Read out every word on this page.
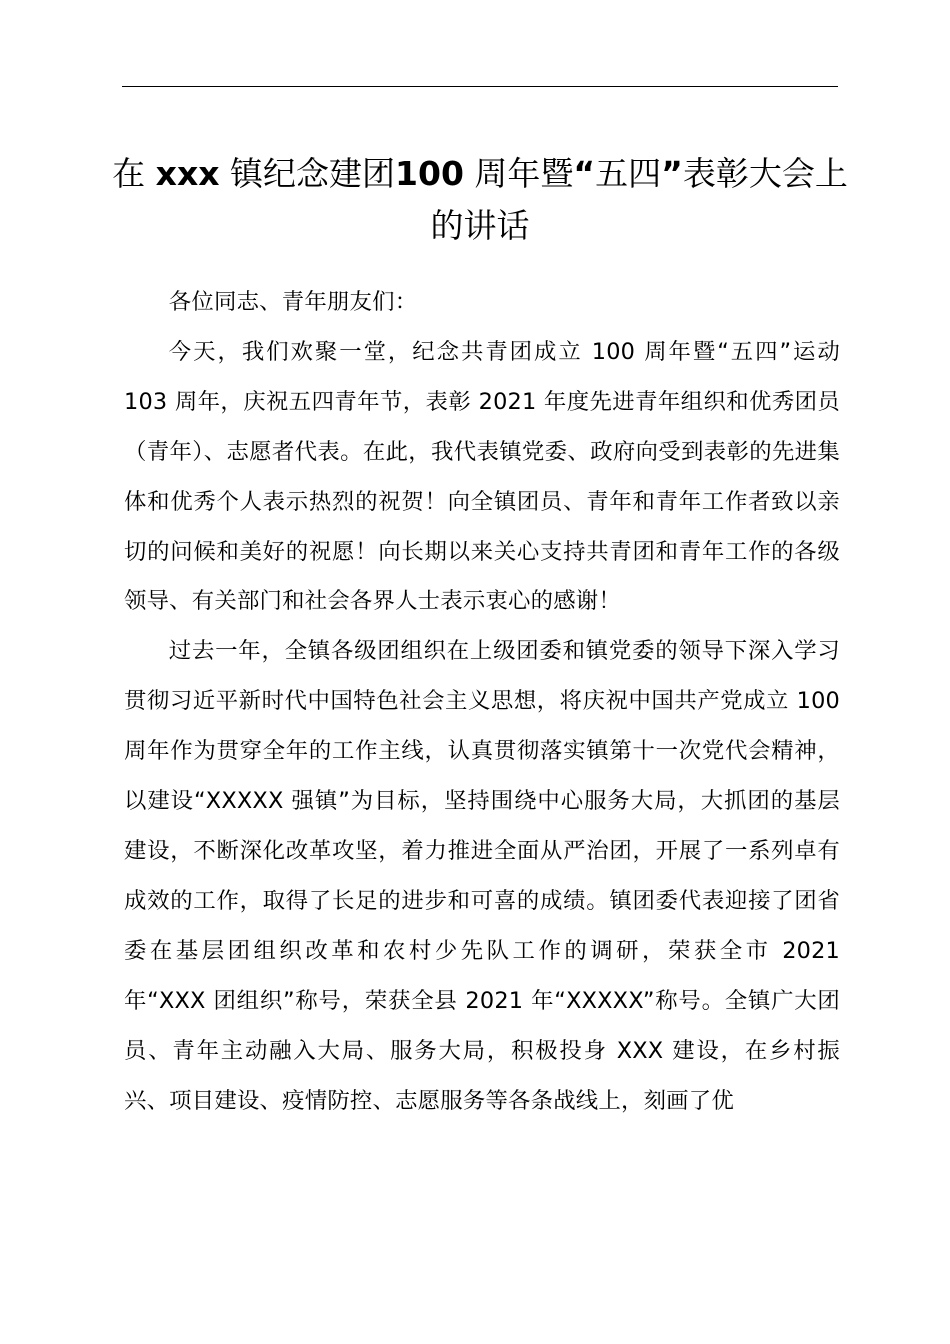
在 xxx 镇纪念建团100 周年暨“五四”表彰大会上的讲话

各位同志、青年朋友们：

今天，我们欢聚一堂，纪念共青团成立 100 周年暨“五四”运动 103 周年，庆祝五四青年节，表彰 2021 年度先进青年组织和优秀团员（青年）、志愿者代表。在此，我代表镇党委、政府向受到表彰的先进集体和优秀个人表示热烈的祝贺！向全镇团员、青年和青年工作者致以亲切的问候和美好的祝愿！向长期以来关心支持共青团和青年工作的各级领导、有关部门和社会各界人士表示衷心的感谢！

过去一年，全镇各级团组织在上级团委和镇党委的领导下深入学习贯彻习近平新时代中国特色社会主义思想，将庆祝中国共产党成立 100 周年作为贯穿全年的工作主线，认真贯彻落实镇第十一次党代会精神，以建设“XXXXX 强镇”为目标，坚持围绕中心服务大局，大抓团的基层建设，不断深化改革攻坚，着力推进全面从严治团，开展了一系列卓有成效的工作，取得了长足的进步和可喜的成绩。镇团委代表迎接了团省委在基层团组织改革和农村少先队工作的调研，荣获全市 2021 年“XXX 团组织”称号，荣获全县 2021 年“XXXXX”称号。全镇广大团员、青年主动融入大局、服务大局，积极投身 XXX 建设，在乡村振兴、项目建设、疫情防控、志愿服务等各条战线上，刻画了优
